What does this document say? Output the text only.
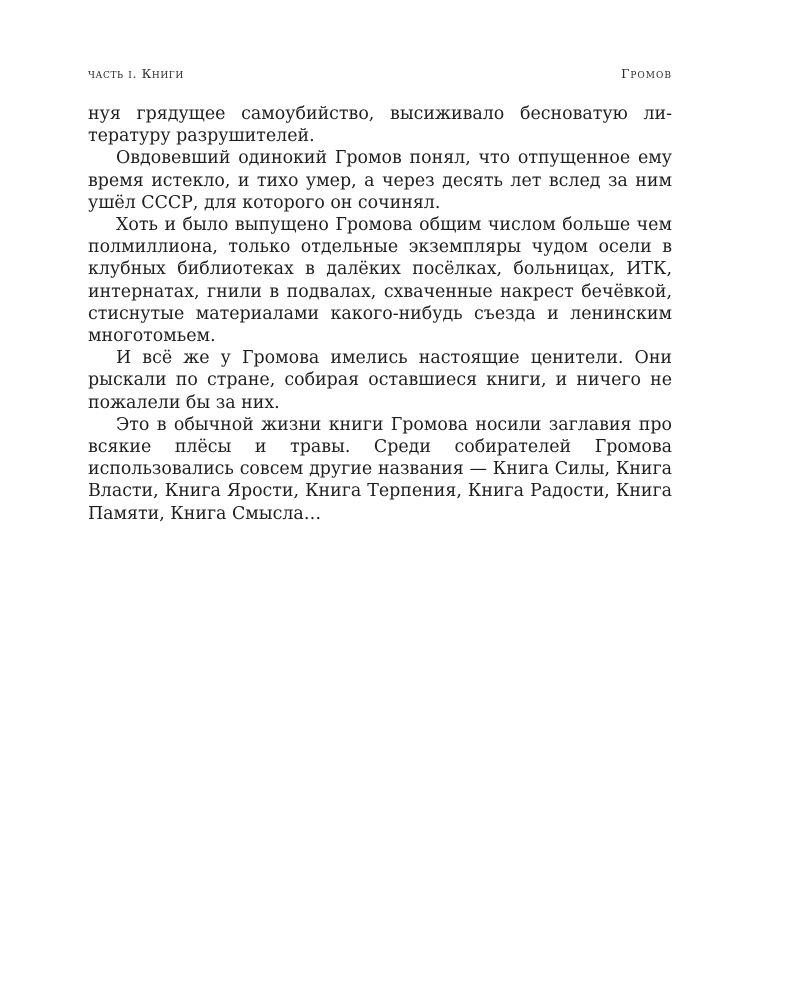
часть i. Книги	Громов

нуя грядущее самоубийство, высиживало бесноватую литературу разрушителей.

Овдовевший одинокий Громов понял, что отпущенное ему время истекло, и тихо умер, а через десять лет вслед за ним ушёл СССР, для которого он сочинял.

Хоть и было выпущено Громова общим числом больше чем полмиллиона, только отдельные экземпляры чудом осели в клубных библиотеках в далёких посёлках, больницах, ИТК, интернатах, гнили в подвалах, схваченные накрест бечёвкой, стиснутые материалами какого-нибудь съезда и ленинским многотомьем.

И всё же у Громова имелись настоящие ценители. Они рыскали по стране, собирая оставшиеся книги, и ничего не пожалели бы за них.

Это в обычной жизни книги Громова носили заглавия про всякие плёсы и травы. Среди собирателей Громова использовались совсем другие названия — Книга Силы, Книга Власти, Книга Ярости, Книга Терпения, Книга Радости, Книга Памяти, Книга Смысла…
